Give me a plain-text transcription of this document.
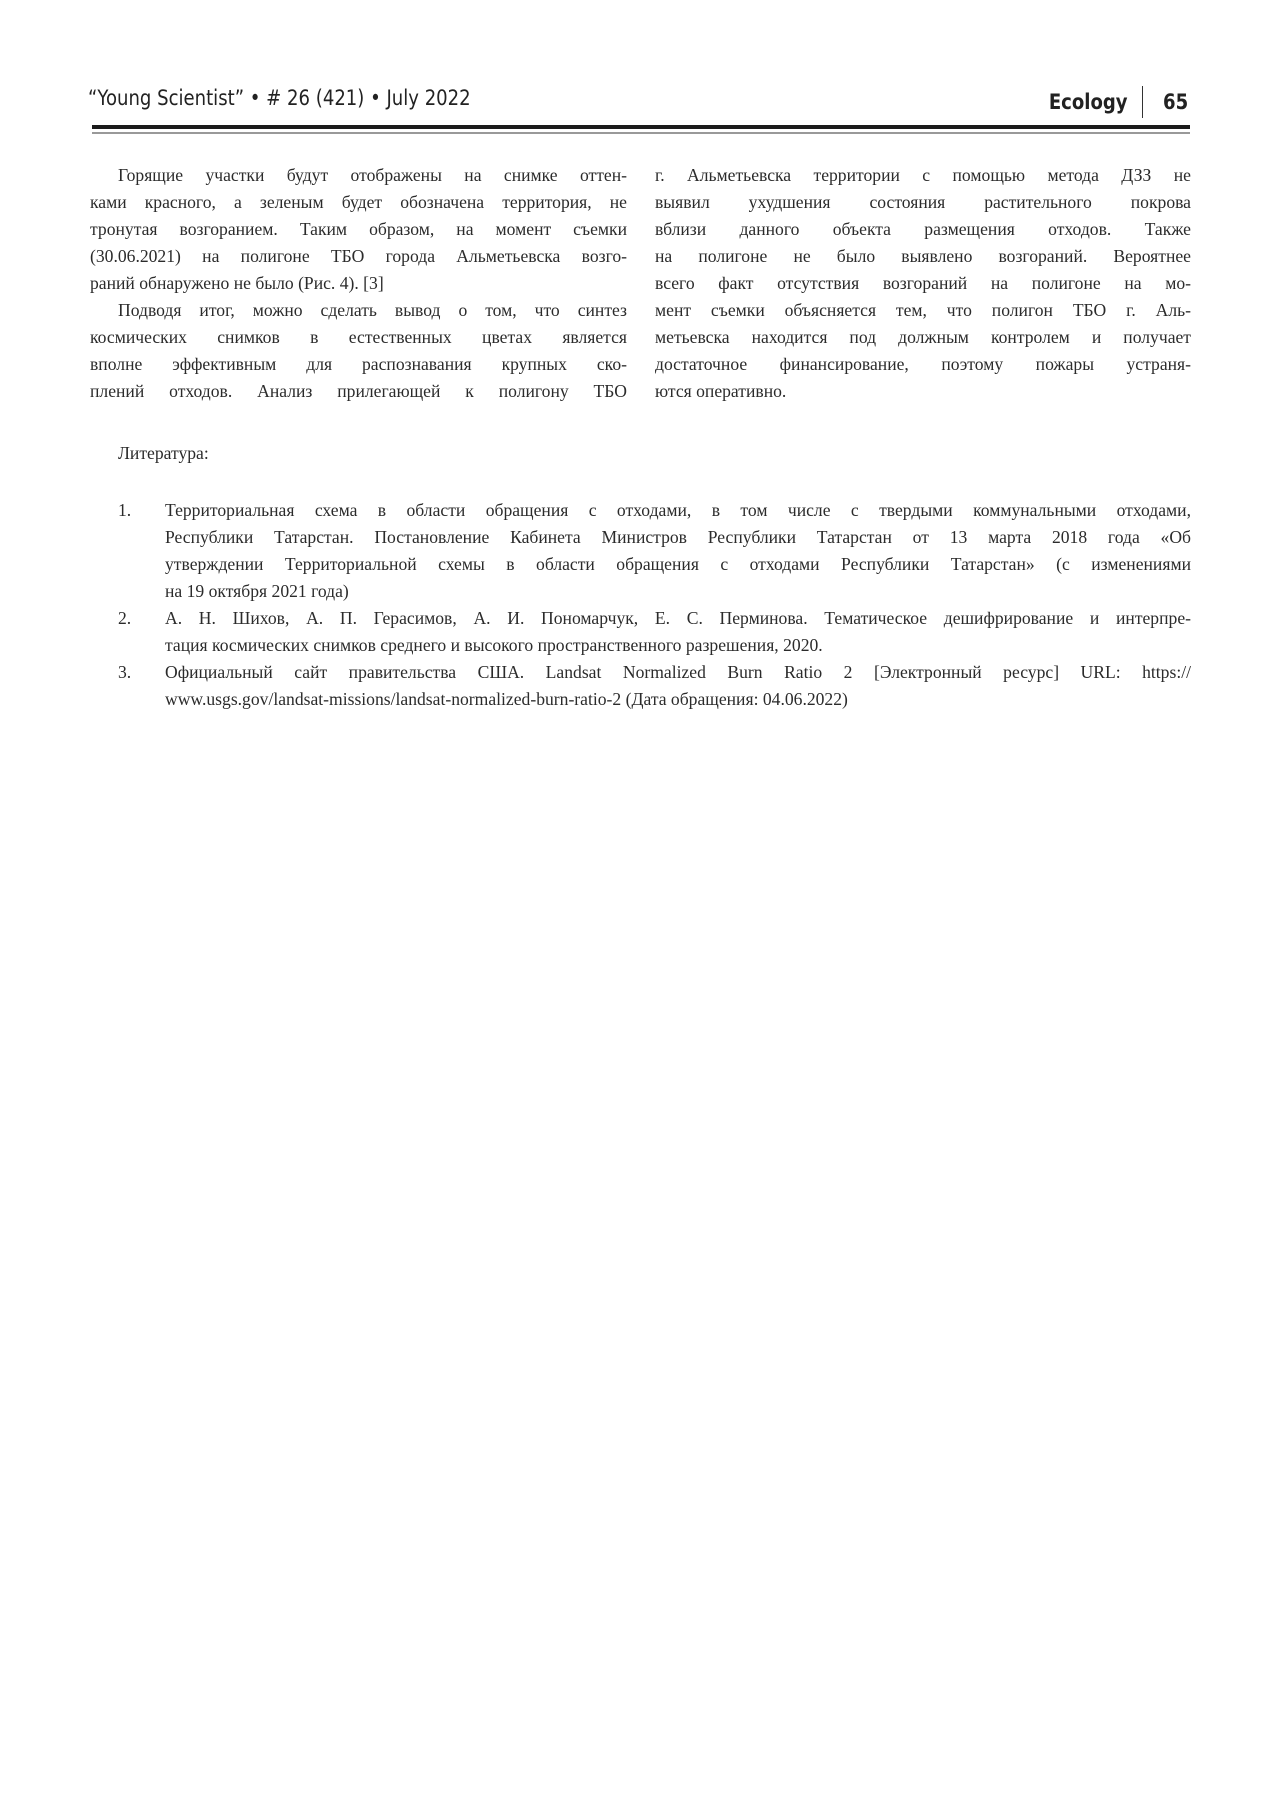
“Young Scientist” • # 26 (421) • July 2022	Ecology 65
Горящие участки будут отображены на снимке оттен-
ками красного, а зеленым будет обозначена территория, не
тронутая возгоранием. Таким образом, на момент съемки
(30.06.2021) на полигоне ТБО города Альметьевска возго-
раний обнаружено не было (Рис. 4). [3]
Подводя итог, можно сделать вывод о том, что синтез
космических снимков в естественных цветах является
вполне эффективным для распознавания крупных ско-
плений отходов. Анализ прилегающей к полигону ТБО
г. Альметьевска территории с помощью метода ДЗЗ не
выявил ухудшения состояния растительного покрова
вблизи данного объекта размещения отходов. Также
на полигоне не было выявлено возгораний. Вероятнее
всего факт отсутствия возгораний на полигоне на мо-
мент съемки объясняется тем, что полигон ТБО г. Аль-
метьевска находится под должным контролем и получает
достаточное финансирование, поэтому пожары устраня-
ются оперативно.
Литература:
1.	Территориальная схема в области обращения с отходами, в том числе с твердыми коммунальными отходами,
Республики Татарстан. Постановление Кабинета Министров Республики Татарстан от 13 марта 2018 года «Об
утверждении Территориальной схемы в области обращения с отходами Республики Татарстан» (с изменениями
на 19 октября 2021 года)
2.	А. Н. Шихов, А. П. Герасимов, А. И. Пономарчук, Е. С. Перминова. Тематическое дешифрирование и интерпре-
тация космических снимков среднего и высокого пространственного разрешения, 2020.
3.	Официальный сайт правительства США. Landsat Normalized Burn Ratio 2 [Электронный ресурс] URL: https://
www.usgs.gov/landsat-missions/landsat-normalized-burn-ratio-2 (Дата обращения: 04.06.2022)
